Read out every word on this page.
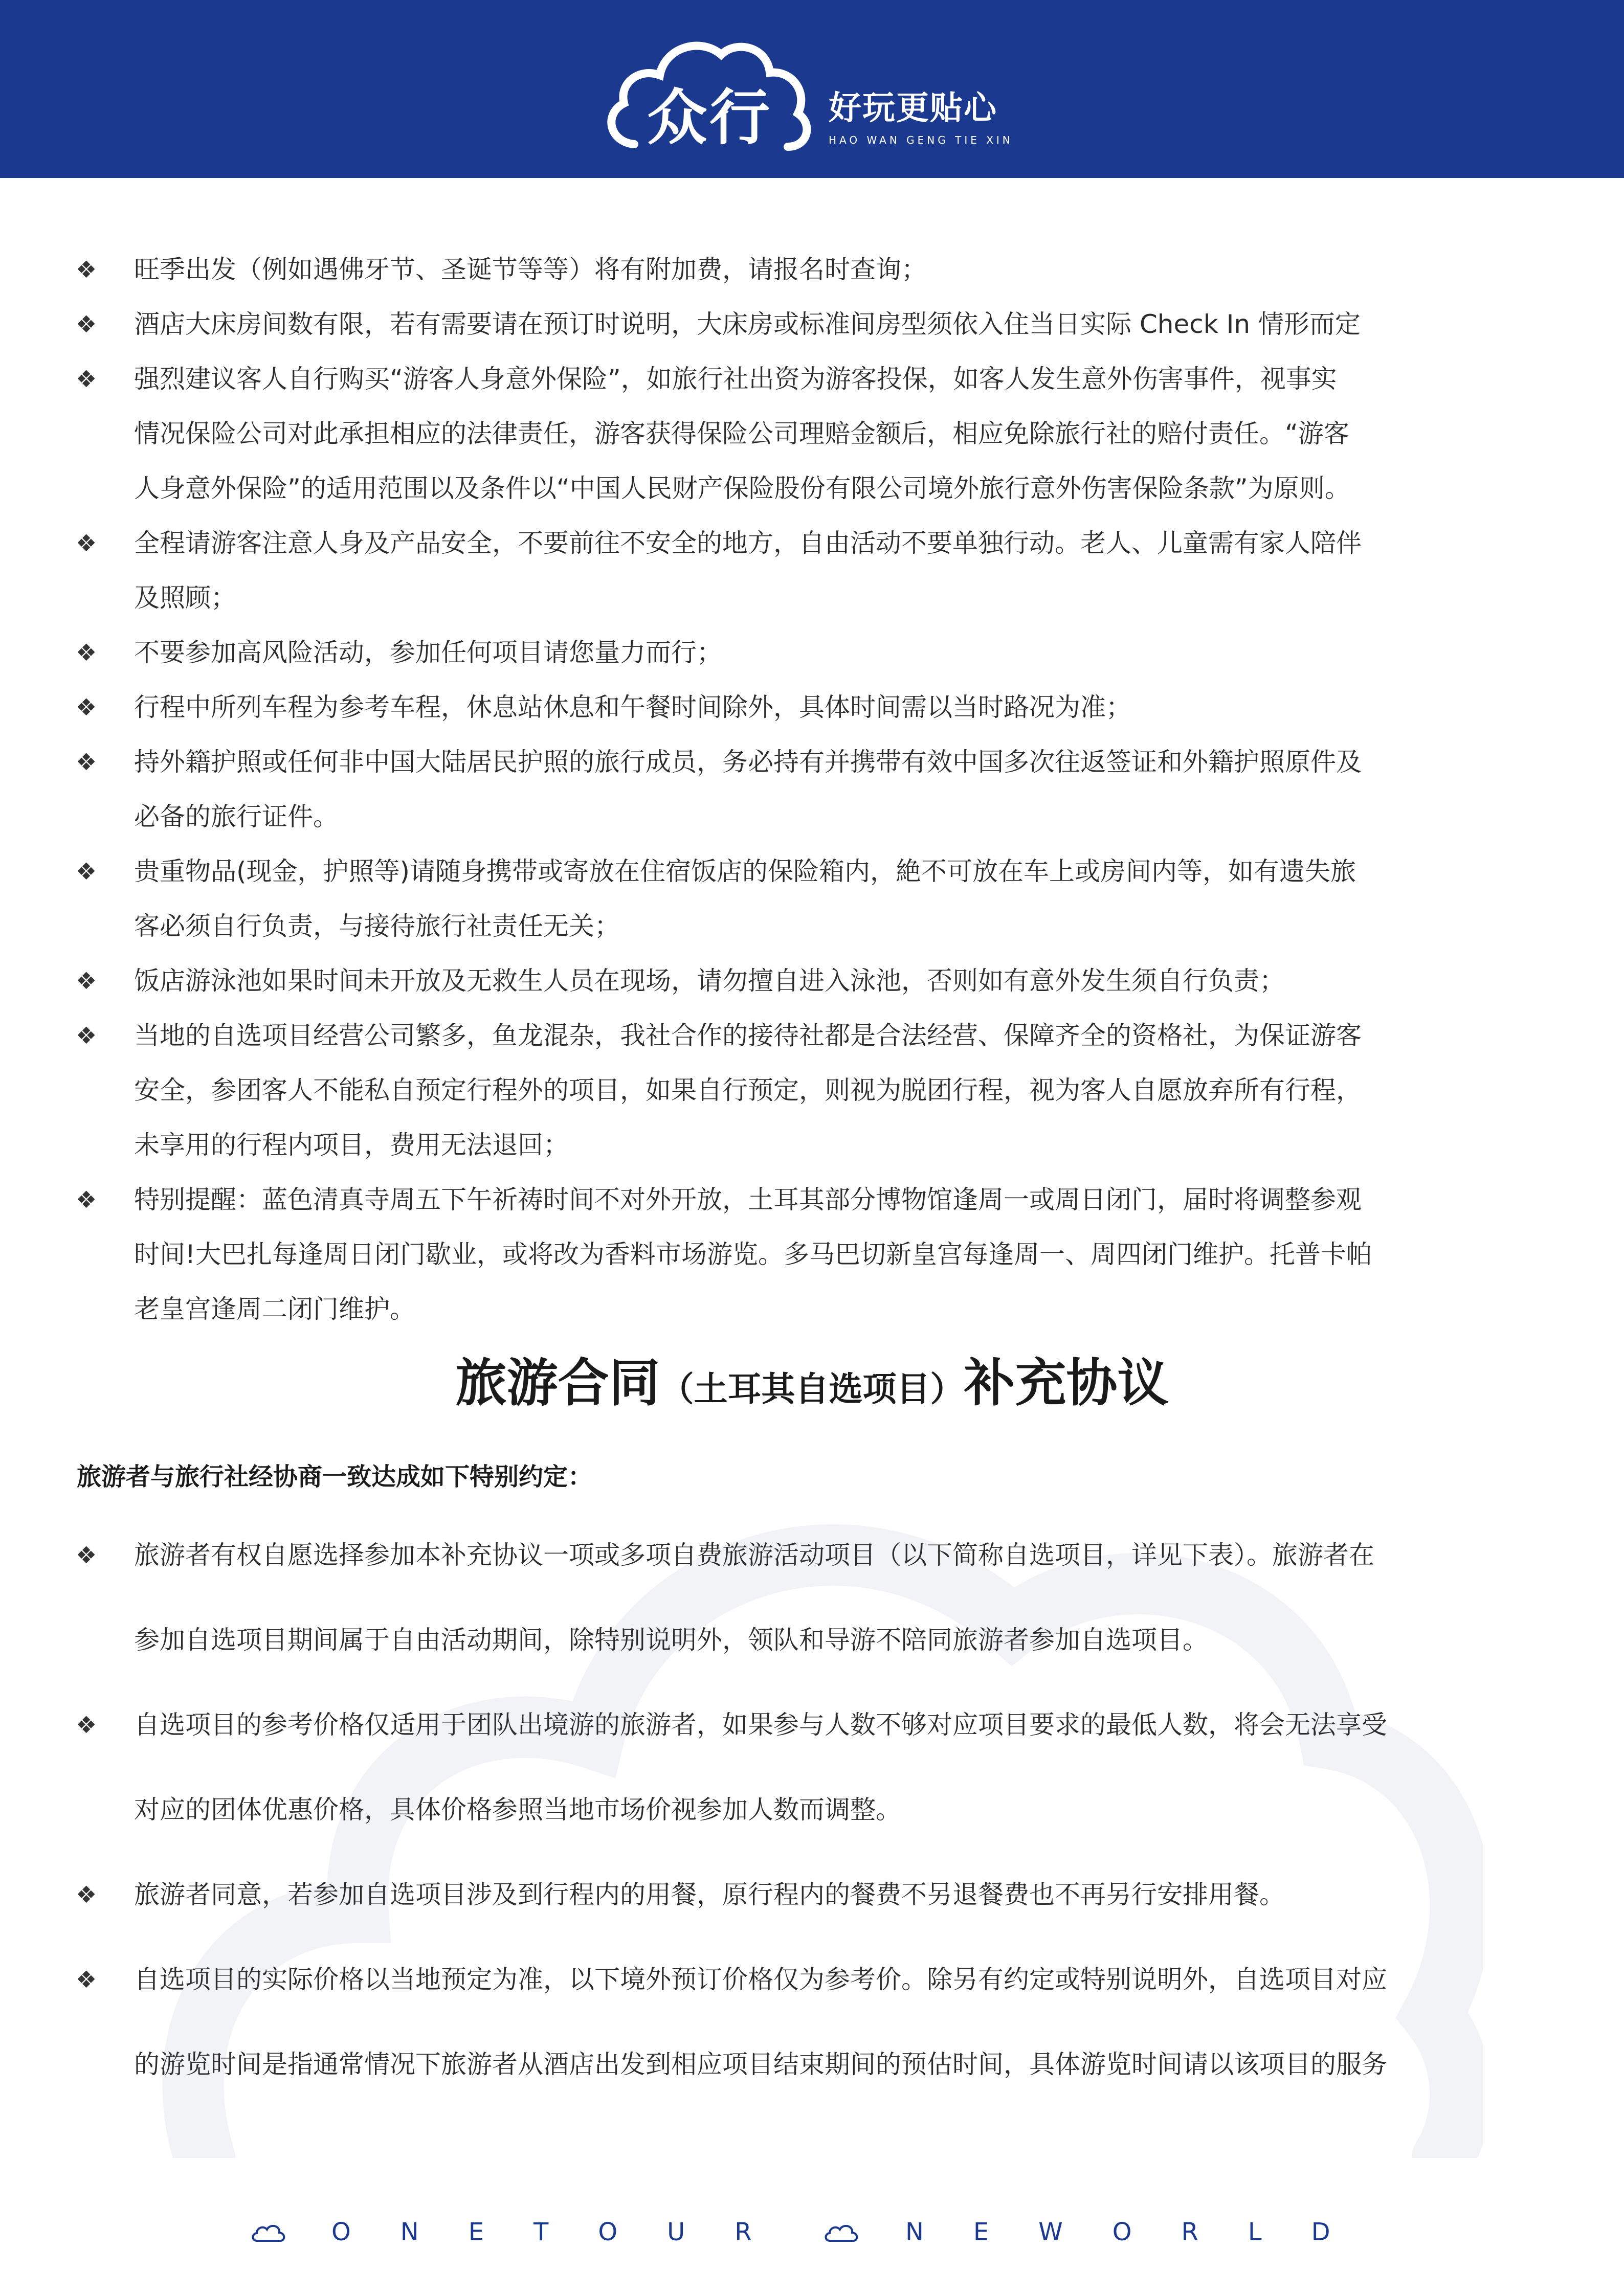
众行 好玩更贴心
HAO WAN GENG TIE XIN
❖ 旺季出发（例如遇佛牙节、圣诞节等等）将有附加费，请报名时查询；
❖ 酒店大床房间数有限，若有需要请在预订时说明，大床房或标准间房型须依入住当日实际 Check In 情形而定
❖ 强烈建议客人自行购买“游客人身意外保险”，如旅行社出资为游客投保，如客人发生意外伤害事件，视事实
情况保险公司对此承担相应的法律责任，游客获得保险公司理赔金额后，相应免除旅行社的赔付责任。“游客
人身意外保险”的适用范围以及条件以“中国人民财产保险股份有限公司境外旅行意外伤害保险条款”为原则。
❖ 全程请游客注意人身及产品安全，不要前往不安全的地方，自由活动不要单独行动。老人、儿童需有家人陪伴
及照顾；
❖ 不要参加高风险活动，参加任何项目请您量力而行；
❖ 行程中所列车程为参考车程，休息站休息和午餐时间除外，具体时间需以当时路况为准；
❖ 持外籍护照或任何非中国大陆居民护照的旅行成员，务必持有并携带有效中国多次往返签证和外籍护照原件及
必备的旅行证件。
❖ 贵重物品(现金，护照等)请随身携带或寄放在住宿饭店的保险箱内，絶不可放在车上或房间内等，如有遗失旅
客必须自行负责，与接待旅行社责任无关；
❖ 饭店游泳池如果时间未开放及无救生人员在现场，请勿擅自进入泳池，否则如有意外发生须自行负责；
❖ 当地的自选项目经营公司繁多，鱼龙混杂，我社合作的接待社都是合法经营、保障齐全的资格社，为保证游客
安全，参团客人不能私自预定行程外的项目，如果自行预定，则视为脱团行程，视为客人自愿放弃所有行程，
未享用的行程内项目，费用无法退回；
❖ 特别提醒：蓝色清真寺周五下午祈祷时间不对外开放，土耳其部分博物馆逢周一或周日闭门，届时将调整参观
时间!大巴扎每逢周日闭门歇业，或将改为香料市场游览。多马巴切新皇宫每逢周一、周四闭门维护。托普卡帕
老皇宫逢周二闭门维护。
旅游合同（土耳其自选项目）补充协议
旅游者与旅行社经协商一致达成如下特别约定：
❖ 旅游者有权自愿选择参加本补充协议一项或多项自费旅游活动项目（以下简称自选项目，详见下表）。旅游者在
参加自选项目期间属于自由活动期间，除特别说明外，领队和导游不陪同旅游者参加自选项目。
❖ 自选项目的参考价格仅适用于团队出境游的旅游者，如果参与人数不够对应项目要求的最低人数，将会无法享受
对应的团体优惠价格，具体价格参照当地市场价视参加人数而调整。
❖ 旅游者同意，若参加自选项目涉及到行程内的用餐，原行程内的餐费不另退餐费也不再另行安排用餐。
❖ 自选项目的实际价格以当地预定为准，以下境外预订价格仅为参考价。除另有约定或特别说明外，自选项目对应
的游览时间是指通常情况下旅游者从酒店出发到相应项目结束期间的预估时间，具体游览时间请以该项目的服务
ONETOUR	NEWORLD
